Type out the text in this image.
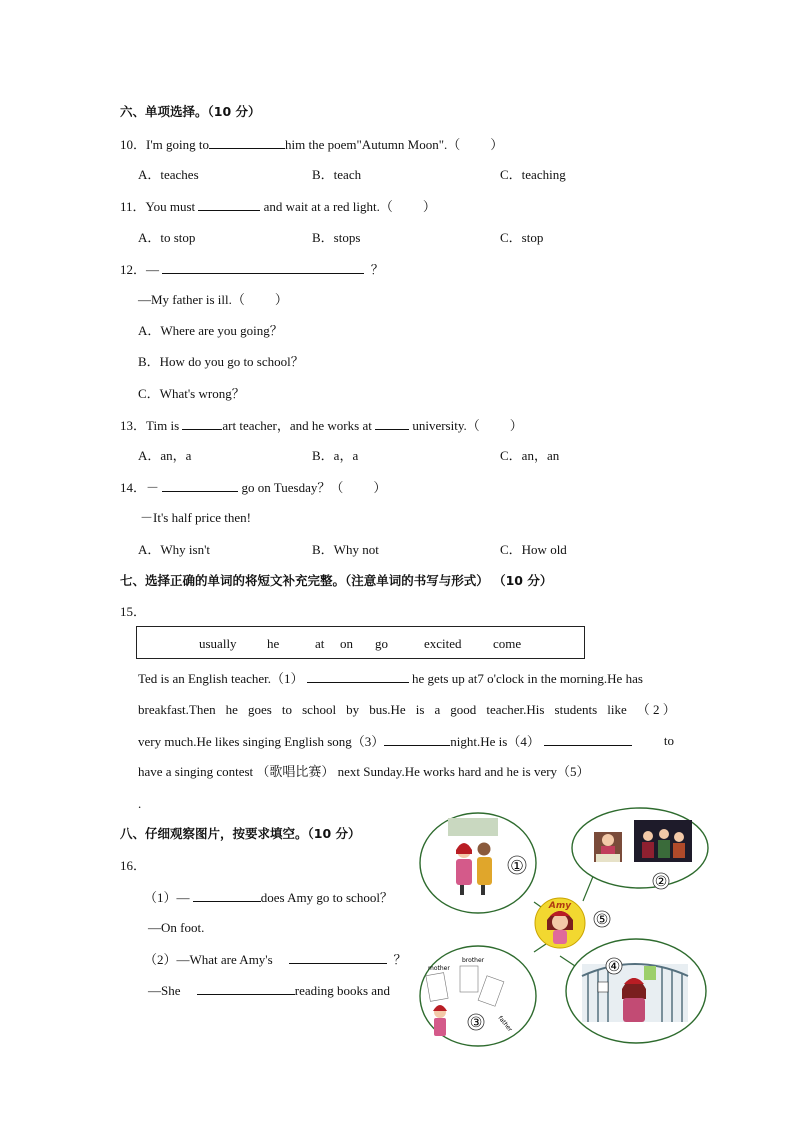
六、单项选择。（10 分）
10．I'm going to	him the poem"Autumn Moon".（ ）
A．teaches	B．teach	C．teaching
11．You must	and wait at a red light.（ ）
A．to stop	B．stops	C．stop
12．—	？
—My father is ill.（ ）
A．Where are you going？
B．How do you go to school？
C．What's wrong？
13．Tim is	art teacher，and he works at	university.（ ）
A．an，a	B．a，a	C．an，an
14．－	go on Tuesday？（ ）
－It's half price then!
A．Why isn't	B．Why not	C．How old
七、选择正确的单词的将短文补充完整。（注意单词的书写与形式） （10 分）
15．
usually he	at on go	excited come
Ted is an English teacher.（1）	he gets up at7 o'clock in the morning.He has
breakfast.Then he goes to school by bus.He is a good teacher.His students like （ 2 ）
very much.He likes singing English song（3）	night.He is（4）	to
have a singing contest （歌唱比赛） next Sunday.He works hard and he is very（5）
.
八、仔细观察图片，按要求填空。（10 分）
16．
（1）—	does Amy go to school？
—On foot.
（2）—What are Amy's	？
—She	reading books and
①
②
Amy
⑤
mother
brother
father
③
④
